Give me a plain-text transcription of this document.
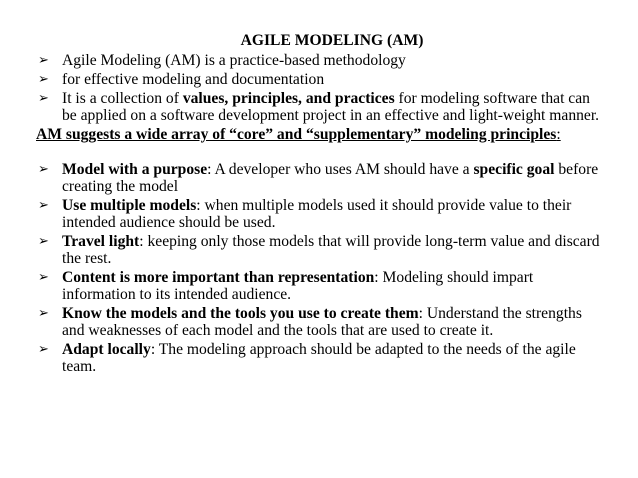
AGILE MODELING (AM)
➢ Agile Modeling (AM) is a practice-based methodology
➢ for effective modeling and documentation
➢ It is a collection of values, principles, and practices for modeling software that can be applied on a software development project in an effective and light-weight manner.
AM suggests a wide array of “core” and “supplementary” modeling principles:
➢ Model with a purpose: A developer who uses AM should have a specific goal before creating the model
➢ Use multiple models: when multiple models used it should provide value to their intended audience should be used.
➢ Travel light: keeping only those models that will provide long-term value and discard the rest.
➢ Content is more important than representation: Modeling should impart information to its intended audience.
➢ Know the models and the tools you use to create them: Understand the strengths and weaknesses of each model and the tools that are used to create it.
➢ Adapt locally: The modeling approach should be adapted to the needs of the agile team.
